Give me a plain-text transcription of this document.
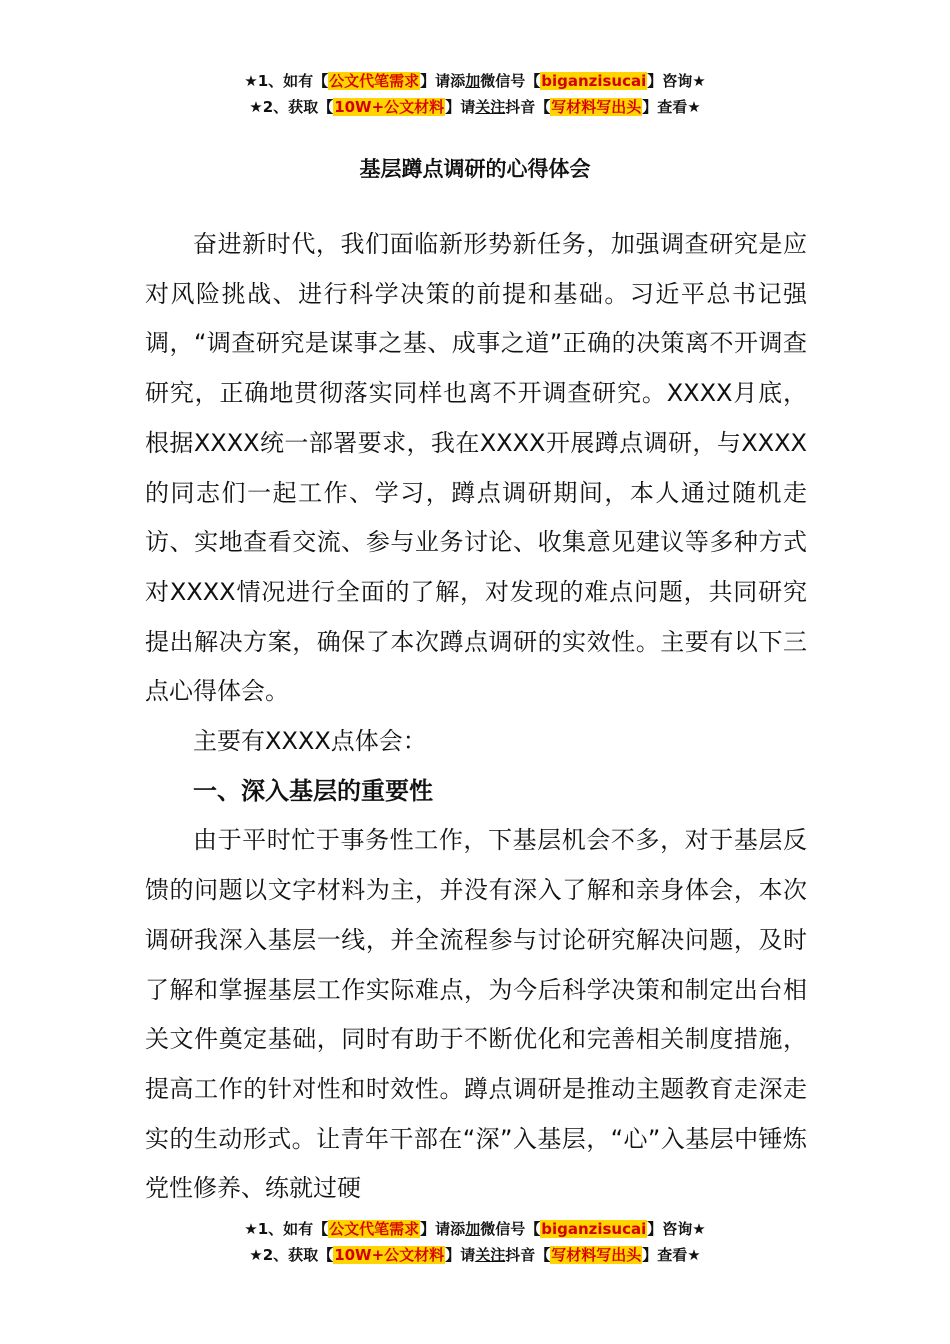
★1、如有【公文代笔需求】请添加微信号【biganzisucai】咨询★
★2、获取【10W+公文材料】请关注抖音【写材料写出头】查看★
基层蹲点调研的心得体会

奋进新时代，我们面临新形势新任务，加强调查研究是应对风险挑战、进行科学决策的前提和基础。习近平总书记强调，“调查研究是谋事之基、成事之道”正确的决策离不开调查研究，正确地贯彻落实同样也离不开调查研究。XXXX月底，根据XXXX统一部署要求，我在XXXX开展蹲点调研，与XXXX的同志们一起工作、学习，蹲点调研期间，本人通过随机走访、实地查看交流、参与业务讨论、收集意见建议等多种方式对XXXX情况进行全面的了解，对发现的难点问题，共同研究提出解决方案，确保了本次蹲点调研的实效性。主要有以下三点心得体会。

主要有XXXX点体会：

一、深入基层的重要性

由于平时忙于事务性工作，下基层机会不多，对于基层反馈的问题以文字材料为主，并没有深入了解和亲身体会，本次调研我深入基层一线，并全流程参与讨论研究解决问题，及时了解和掌握基层工作实际难点，为今后科学决策和制定出台相关文件奠定基础，同时有助于不断优化和完善相关制度措施，提高工作的针对性和时效性。蹲点调研是推动主题教育走深走实的生动形式。让青年干部在“深”入基层，“心”入基层中锤炼党性修养、练就过硬

★1、如有【公文代笔需求】请添加微信号【biganzisucai】咨询★
★2、获取【10W+公文材料】请关注抖音【写材料写出头】查看★
